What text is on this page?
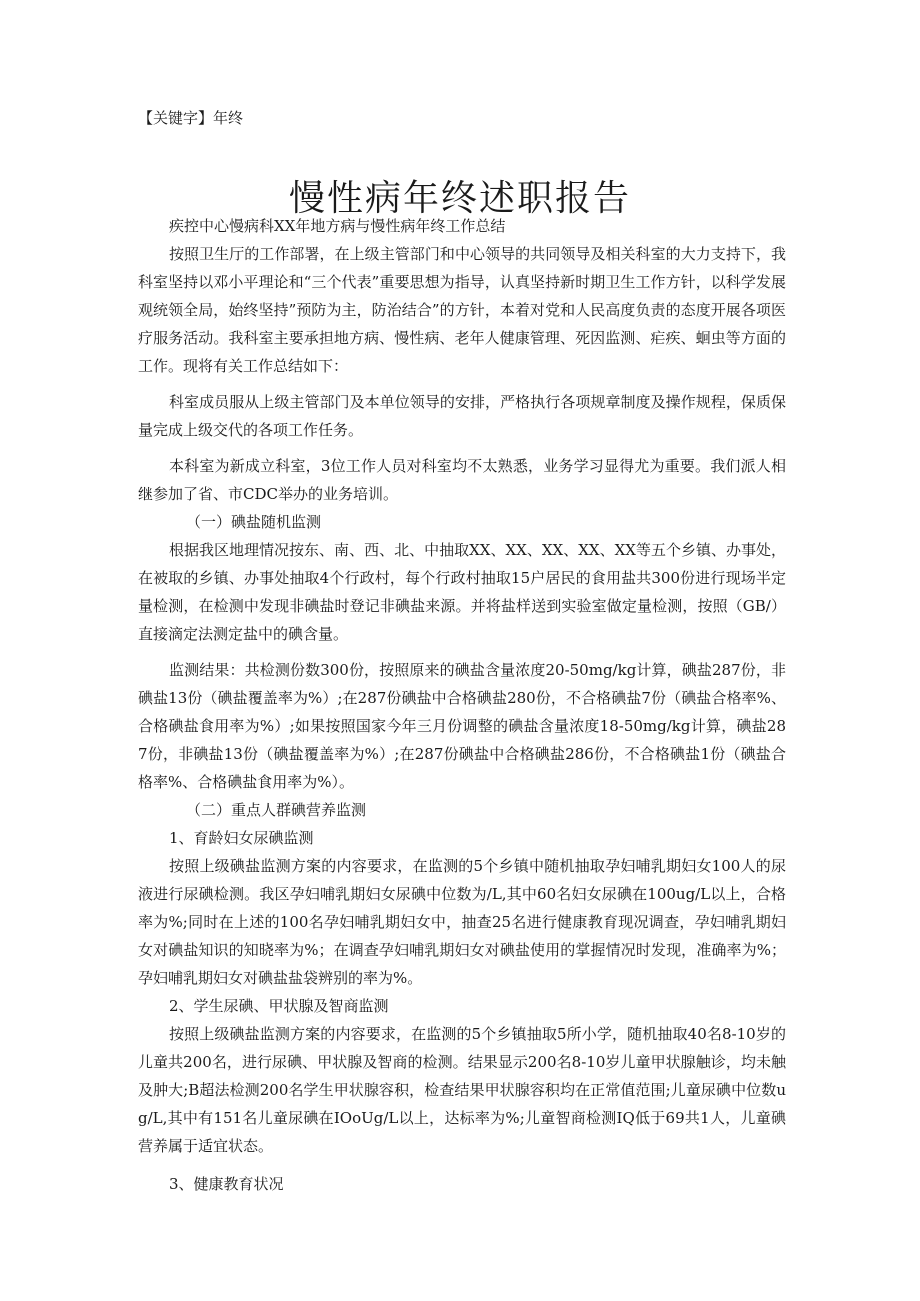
【关键字】年终
慢性病年终述职报告

疾控中心慢病科XX年地方病与慢性病年终工作总结

按照卫生厅的工作部署，在上级主管部门和中心领导的共同领导及相关科室的大力支持下，我科室坚持以邓小平理论和“三个代表”重要思想为指导，认真坚持新时期卫生工作方针，以科学发展观统领全局，始终坚持”预防为主，防治结合”的方针，本着对党和人民高度负责的态度开展各项医疗服务活动。我科室主要承担地方病、慢性病、老年人健康管理、死因监测、疟疾、蛔虫等方面的工作。现将有关工作总结如下：

科室成员服从上级主管部门及本单位领导的安排，严格执行各项规章制度及操作规程，保质保量完成上级交代的各项工作任务。

本科室为新成立科室，3位工作人员对科室均不太熟悉，业务学习显得尤为重要。我们派人相继参加了省、市CDC举办的业务培训。

（一）碘盐随机监测

根据我区地理情况按东、南、西、北、中抽取XX、XX、XX、XX、XX等五个乡镇、办事处，在被取的乡镇、办事处抽取4个行政村，每个行政村抽取15户居民的食用盐共300份进行现场半定量检测，在检测中发现非碘盐时登记非碘盐来源。并将盐样送到实验室做定量检测，按照（GB/）直接滴定法测定盐中的碘含量。

监测结果：共检测份数300份，按照原来的碘盐含量浓度20-50mg/kg计算，碘盐287份，非碘盐13份（碘盐覆盖率为%）;在287份碘盐中合格碘盐280份，不合格碘盐7份（碘盐合格率%、合格碘盐食用率为%）;如果按照国家今年三月份调整的碘盐含量浓度18-50mg/kg计算，碘盐287份，非碘盐13份（碘盐覆盖率为%）;在287份碘盐中合格碘盐286份，不合格碘盐1份（碘盐合格率%、合格碘盐食用率为%）。

（二）重点人群碘营养监测

1、育龄妇女尿碘监测

按照上级碘盐监测方案的内容要求，在监测的5个乡镇中随机抽取孕妇哺乳期妇女100人的尿液进行尿碘检测。我区孕妇哺乳期妇女尿碘中位数为/L,其中60名妇女尿碘在100ug/L以上，合格率为%;同时在上述的100名孕妇哺乳期妇女中，抽查25名进行健康教育现况调查，孕妇哺乳期妇女对碘盐知识的知晓率为%；在调查孕妇哺乳期妇女对碘盐使用的掌握情况时发现，准确率为%；孕妇哺乳期妇女对碘盐盐袋辨别的率为%。

2、学生尿碘、甲状腺及智商监测

按照上级碘盐监测方案的内容要求，在监测的5个乡镇抽取5所小学，随机抽取40名8-10岁的儿童共200名，进行尿碘、甲状腺及智商的检测。结果显示200名8-10岁儿童甲状腺触诊，均未触及肿大;B超法检测200名学生甲状腺容积，检查结果甲状腺容积均在正常值范围;儿童尿碘中位数ug/L,其中有151名儿童尿碘在IOoUg/L以上，达标率为%;儿童智商检测IQ低于69共1人，儿童碘营养属于适宜状态。

3、健康教育状况
